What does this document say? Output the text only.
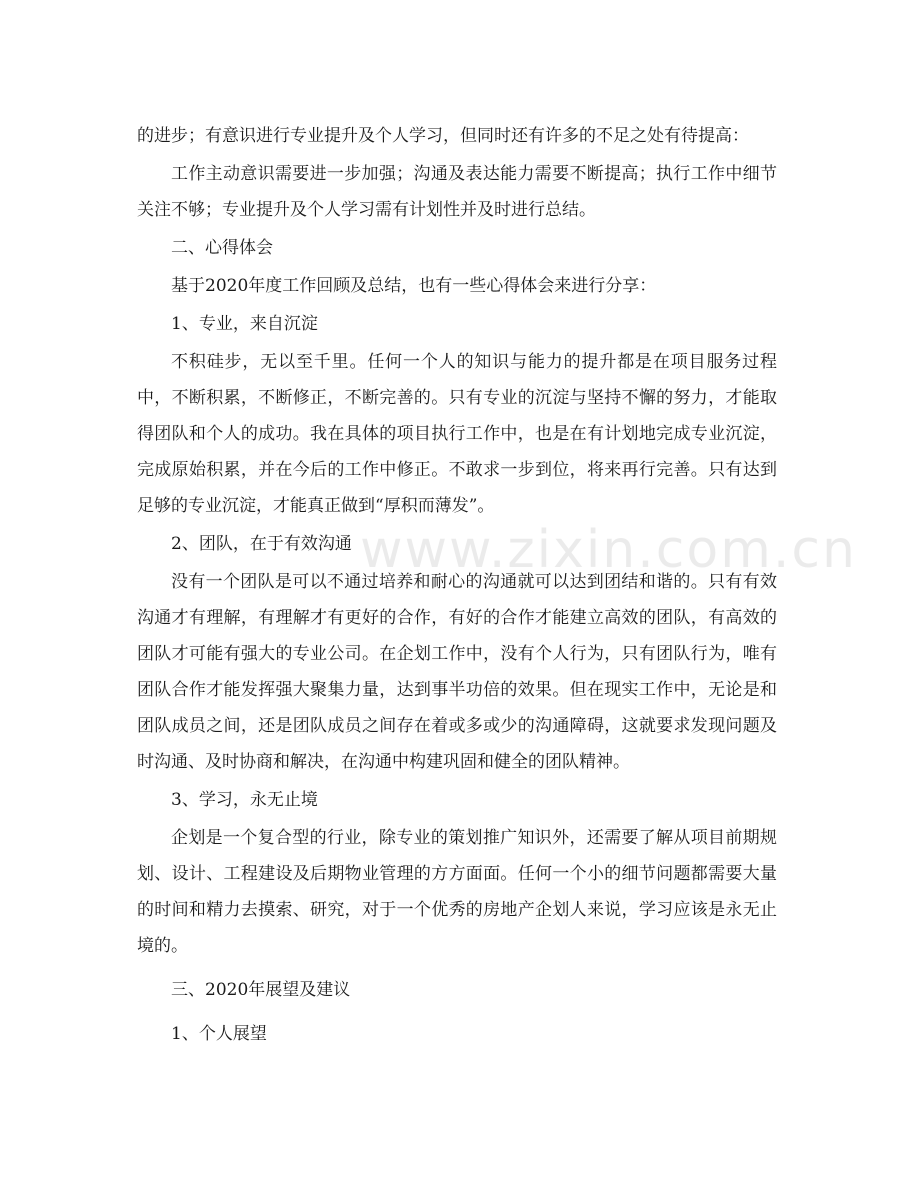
的进步；有意识进行专业提升及个人学习，但同时还有许多的不足之处有待提高：

工作主动意识需要进一步加强；沟通及表达能力需要不断提高；执行工作中细节关注不够；专业提升及个人学习需有计划性并及时进行总结。

二、心得体会

基于2020年度工作回顾及总结，也有一些心得体会来进行分享：

1、专业，来自沉淀

不积硅步，无以至千里。任何一个人的知识与能力的提升都是在项目服务过程中，不断积累，不断修正，不断完善的。只有专业的沉淀与坚持不懈的努力，才能取得团队和个人的成功。我在具体的项目执行工作中，也是在有计划地完成专业沉淀，完成原始积累，并在今后的工作中修正。不敢求一步到位，将来再行完善。只有达到足够的专业沉淀，才能真正做到“厚积而薄发”。

2、团队，在于有效沟通

没有一个团队是可以不通过培养和耐心的沟通就可以达到团结和谐的。只有有效沟通才有理解，有理解才有更好的合作，有好的合作才能建立高效的团队，有高效的团队才可能有强大的专业公司。在企划工作中，没有个人行为，只有团队行为，唯有团队合作才能发挥强大聚集力量，达到事半功倍的效果。但在现实工作中，无论是和团队成员之间，还是团队成员之间存在着或多或少的沟通障碍，这就要求发现问题及时沟通、及时协商和解决，在沟通中构建巩固和健全的团队精神。

3、学习，永无止境

企划是一个复合型的行业，除专业的策划推广知识外，还需要了解从项目前期规划、设计、工程建设及后期物业管理的方方面面。任何一个小的细节问题都需要大量的时间和精力去摸索、研究，对于一个优秀的房地产企划人来说，学习应该是永无止境的。

三、2020年展望及建议

1、个人展望

www.zixin.com.cn
